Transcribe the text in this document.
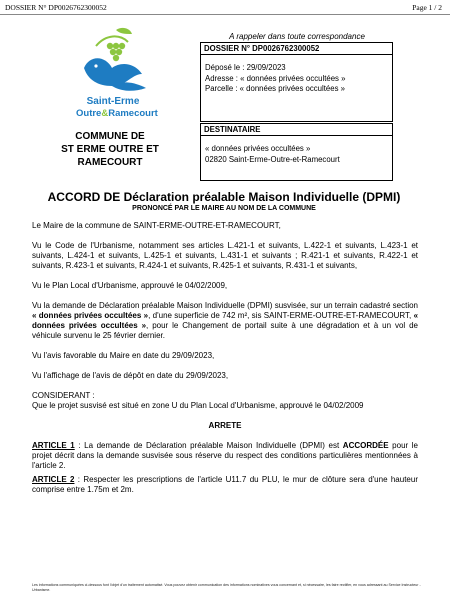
DOSSIER N° DP0026762300052	Page 1 / 2
Saint-Erme
Outre&Ramecourt
COMMUNE DE
ST ERME OUTRE ET
RAMECOURT
A rappeler dans toute correspondance
DOSSIER N° DP0026762300052
Déposé le : 29/09/2023
Adresse : « données privées occultées »
Parcelle : « données privées occultées »
DESTINATAIRE
« données privées occultées »
02820 Saint-Erme-Outre-et-Ramecourt
ACCORD DE Déclaration préalable Maison Individuelle (DPMI)
PRONONCÉ PAR LE MAIRE AU NOM DE LA COMMUNE

Le Maire de la commune de SAINT-ERME-OUTRE-ET-RAMECOURT,

Vu le Code de l'Urbanisme, notamment ses articles L.421-1 et suivants, L.422-1 et suivants, L.423-1 et suivants, L.424-1 et suivants, L.425-1 et suivants, L.431-1 et suivants ; R.421-1 et suivants, R.422-1 et suivants, R.423-1 et suivants, R.424-1 et suivants, R.425-1 et suivants, R.431-1 et suivants,

Vu le Plan Local d'Urbanisme, approuvé le 04/02/2009,

Vu la demande de Déclaration préalable Maison Individuelle (DPMI) susvisée, sur un terrain cadastré section « données privées occultées », d'une superficie de 742 m², sis SAINT-ERME-OUTRE-ET-RAMECOURT, « données privées occultées », pour le Changement de portail suite à une dégradation et à un vol de véhicule survenu le 25 février dernier.

Vu l'avis favorable du Maire en date du 29/09/2023,

Vu l'affichage de l'avis de dépôt en date du 29/09/2023,

CONSIDERANT :

Que le projet susvisé est situé en zone U du Plan Local d'Urbanisme, approuvé le 04/02/2009

ARRETE

ARTICLE 1 : La demande de Déclaration préalable Maison Individuelle (DPMI) est ACCORDÉE pour le projet décrit dans la demande susvisée sous réserve du respect des conditions particulières mentionnées à l'article 2.

ARTICLE 2 : Respecter les prescriptions de l'article U11.7 du PLU, le mur de clôture sera d'une hauteur comprise entre 1.75m et 2m.

Les informations communiquées ci-dessous font l'objet d'un traitement automatisé. Vous pouvez obtenir communication des informations nominatives vous concernant et, si nécessaire, les faire rectifier, en vous adressant au Service Instructeur - Urbanisme.
